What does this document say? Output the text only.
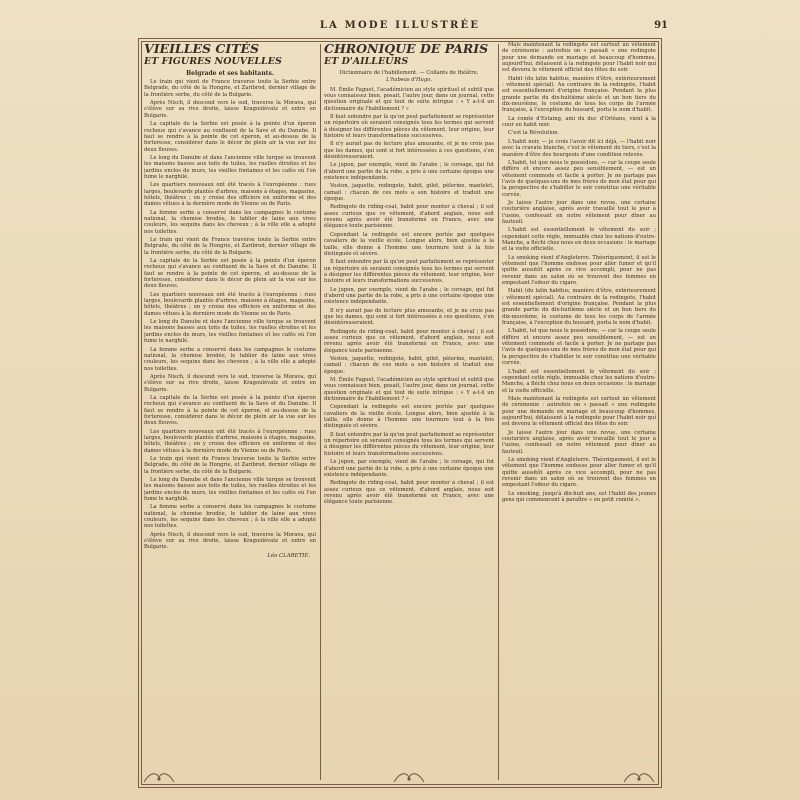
LA MODE ILLUSTRÉE	91
VIEILLES CITÉS
ET FIGURES NOUVELLES
Belgrade et ses habitants.

Le train qui vient de France traverse toute la Serbie entre Belgrade, du côté de la Hongrie, et Zaribrod, dernier village de la frontière serbe, du côté de la Bulgarie.

Après Nisch, il descend vers le sud, traverse la Morava, qui s'élève sur sa rive droite, laisse Kragouïévatz et entre en Bulgarie.

La capitale de la Serbie est posée à la pointe d'un éperon rocheux qui s'avance au confluent de la Save et du Danube. Il faut se rendre à la pointe de cet éperon, et au-dessus de la forteresse, considérer dans le décor de plein air la vue sur les deux fleuves.

Le long du Danube et dans l'ancienne ville turque se trouvent les maisons basses aux toits de tuiles, les ruelles étroites et les jardins enclos de murs, les vieilles fontaines et les cafés où l'on fume le narghilé.

Les quartiers nouveaux ont été tracés à l'européenne : rues larges, boulevards plantés d'arbres, maisons à étages, magasins, hôtels, théâtres ; on y croise des officiers en uniforme et des dames vêtues à la dernière mode de Vienne ou de Paris.

La femme serbe a conservé dans les campagnes le costume national, la chemise brodée, le tablier de laine aux vives couleurs, les sequins dans les cheveux ; à la ville elle a adopté nos toilettes.

Le train qui vient de France traverse toute la Serbie entre Belgrade, du côté de la Hongrie, et Zaribrod, dernier village de la frontière serbe, du côté de la Bulgarie.

La capitale de la Serbie est posée à la pointe d'un éperon rocheux qui s'avance au confluent de la Save et du Danube. Il faut se rendre à la pointe de cet éperon, et au-dessus de la forteresse, considérer dans le décor de plein air la vue sur les deux fleuves.

Les quartiers nouveaux ont été tracés à l'européenne : rues larges, boulevards plantés d'arbres, maisons à étages, magasins, hôtels, théâtres ; on y croise des officiers en uniforme et des dames vêtues à la dernière mode de Vienne ou de Paris.

Le long du Danube et dans l'ancienne ville turque se trouvent les maisons basses aux toits de tuiles, les ruelles étroites et les jardins enclos de murs, les vieilles fontaines et les cafés où l'on fume le narghilé.

La femme serbe a conservé dans les campagnes le costume national, la chemise brodée, le tablier de laine aux vives couleurs, les sequins dans les cheveux ; à la ville elle a adopté nos toilettes.

Après Nisch, il descend vers le sud, traverse la Morava, qui s'élève sur sa rive droite, laisse Kragouïévatz et entre en Bulgarie.

La capitale de la Serbie est posée à la pointe d'un éperon rocheux qui s'avance au confluent de la Save et du Danube. Il faut se rendre à la pointe de cet éperon, et au-dessus de la forteresse, considérer dans le décor de plein air la vue sur les deux fleuves.

Les quartiers nouveaux ont été tracés à l'européenne : rues larges, boulevards plantés d'arbres, maisons à étages, magasins, hôtels, théâtres ; on y croise des officiers en uniforme et des dames vêtues à la dernière mode de Vienne ou de Paris.

Le train qui vient de France traverse toute la Serbie entre Belgrade, du côté de la Hongrie, et Zaribrod, dernier village de la frontière serbe, du côté de la Bulgarie.

Le long du Danube et dans l'ancienne ville turque se trouvent les maisons basses aux toits de tuiles, les ruelles étroites et les jardins enclos de murs, les vieilles fontaines et les cafés où l'on fume le narghilé.

La femme serbe a conservé dans les campagnes le costume national, la chemise brodée, le tablier de laine aux vives couleurs, les sequins dans les cheveux ; à la ville elle a adopté nos toilettes.

Après Nisch, il descend vers le sud, traverse la Morava, qui s'élève sur sa rive droite, laisse Kragouïévatz et entre en Bulgarie.

Léo CLARETIE.
CHRONIQUE DE PARIS
ET D'AILLEURS

Dictionnaire de l'habillement. — Collants de théâtre.

L'habeas d'Hugo.

M. Émile Faguet, l'académicien au style spirituel et subtil que vous connaissez bien, posait, l'autre jour, dans un journal, cette question originale et qui tout de suite intrigue : « Y a-t-il un dictionnaire de l'habillement ? »

Il faut entendre par là qu'on peut parfaitement se représenter un répertoire où seraient consignés tous les termes qui servent à désigner les différentes pièces du vêtement, leur origine, leur histoire et leurs transformations successives.

Il n'y aurait pas de lecture plus amusante, et je ne crois pas que les dames, qui sont si fort intéressées à ces questions, s'en désintéresseraient.

Le jupon, par exemple, vient de l'arabe ; le corsage, qui fut d'abord une partie de la robe, a pris à une certaine époque une existence indépendante.

Veston, jaquette, redingote, habit, gilet, pèlerine, mantelet, camail : chacun de ces mots a son histoire et traduit une époque.

Redingote de riding-coat, habit pour monter à cheval ; il est assez curieux que ce vêtement, d'abord anglais, nous soit revenu après avoir été transformé en France, avec une élégance toute parisienne.

Cependant la redingote est encore portée par quelques cavaliers de la vieille école. Longue alors, bien ajustée à la taille, elle donne à l'homme une tournure tout à la fois distinguée et sévère.

Il faut entendre par là qu'on peut parfaitement se représenter un répertoire où seraient consignés tous les termes qui servent à désigner les différentes pièces du vêtement, leur origine, leur histoire et leurs transformations successives.

Le jupon, par exemple, vient de l'arabe ; le corsage, qui fut d'abord une partie de la robe, a pris à une certaine époque une existence indépendante.

Il n'y aurait pas de lecture plus amusante, et je ne crois pas que les dames, qui sont si fort intéressées à ces questions, s'en désintéresseraient.

Redingote de riding-coat, habit pour monter à cheval ; il est assez curieux que ce vêtement, d'abord anglais, nous soit revenu après avoir été transformé en France, avec une élégance toute parisienne.

Veston, jaquette, redingote, habit, gilet, pèlerine, mantelet, camail : chacun de ces mots a son histoire et traduit une époque.

M. Émile Faguet, l'académicien au style spirituel et subtil que vous connaissez bien, posait, l'autre jour, dans un journal, cette question originale et qui tout de suite intrigue : « Y a-t-il un dictionnaire de l'habillement ? »

Cependant la redingote est encore portée par quelques cavaliers de la vieille école. Longue alors, bien ajustée à la taille, elle donne à l'homme une tournure tout à la fois distinguée et sévère.

Il faut entendre par là qu'on peut parfaitement se représenter un répertoire où seraient consignés tous les termes qui servent à désigner les différentes pièces du vêtement, leur origine, leur histoire et leurs transformations successives.

Le jupon, par exemple, vient de l'arabe ; le corsage, qui fut d'abord une partie de la robe, a pris à une certaine époque une existence indépendante.

Redingote de riding-coat, habit pour monter à cheval ; il est assez curieux que ce vêtement, d'abord anglais, nous soit revenu après avoir été transformé en France, avec une élégance toute parisienne.

Mais maintenant la redingote est surtout un vêtement de cérémonie : autrefois on « passait » une redingote pour une demande en mariage et beaucoup d'hommes, aujourd'hui, délaissent à la redingote pour l'habit noir qui est devenu le vêtement officiel des fêtes du soir.

Habit (du latin habitus, manière d'être, extérieurement : vêtement spécial). Au contraire de la redingote, l'habit est essentiellement d'origine française. Pendant la plus grande partie du dix-huitième siècle et un bon tiers du dix-neuvième, le costume de tous les corps de l'armée française, à l'exception du hussard, porta le nom d'habit.

La comte d'Estaing, ami du duc d'Orléans, vient à la cour en habit noir.

C'est la Révolution.

L'habit noir, — je crois l'avoir dit ici déjà, — l'habit noir avec la cravate blanche, c'est le vêtement du tiers, c'est la manière d'être des bourgeois d'une condition relevée.

L'habit, tel que nous le possédons, — car la coupe seule diffère et encore assez peu sensiblement, — est un vêtement commode et facile à porter. Je ne partage pas l'avis de quelques-uns de mes frères de mon état pour qui la perspective de s'habiller le soir constitue une véritable corvée.

Je laisse l'autre jour dans une revue, une certaine couturière anglaise, après avoir travaillé tout le jour à l'usine, confessait en notre vêtement pour dîner au fauteuil.

L'habit est essentiellement le vêtement du soir ; cependant cette règle, immuable chez les nations d'outre-Manche, a fléchi chez nous en deux occasions : le mariage et la visite officielle.

Le smoking vient d'Angleterre. Théoriquement, il est le vêtement que l'homme endosse pour aller fumer et qu'il quitte aussitôt après ce vice accompli, pour ne pas revenir dans un salon où se trouvent des femmes en empestant l'odeur du cigare.

Habit (du latin habitus, manière d'être, extérieurement : vêtement spécial). Au contraire de la redingote, l'habit est essentiellement d'origine française. Pendant la plus grande partie du dix-huitième siècle et un bon tiers du dix-neuvième, le costume de tous les corps de l'armée française, à l'exception du hussard, porta le nom d'habit.

L'habit, tel que nous le possédons, — car la coupe seule diffère et encore assez peu sensiblement, — est un vêtement commode et facile à porter. Je ne partage pas l'avis de quelques-uns de mes frères de mon état pour qui la perspective de s'habiller le soir constitue une véritable corvée.

L'habit est essentiellement le vêtement du soir ; cependant cette règle, immuable chez les nations d'outre-Manche, a fléchi chez nous en deux occasions : le mariage et la visite officielle.

Mais maintenant la redingote est surtout un vêtement de cérémonie : autrefois on « passait » une redingote pour une demande en mariage et beaucoup d'hommes, aujourd'hui, délaissent à la redingote pour l'habit noir qui est devenu le vêtement officiel des fêtes du soir.

Je laisse l'autre jour dans une revue, une certaine couturière anglaise, après avoir travaillé tout le jour à l'usine, confessait en notre vêtement pour dîner au fauteuil.

Le smoking vient d'Angleterre. Théoriquement, il est le vêtement que l'homme endosse pour aller fumer et qu'il quitte aussitôt après ce vice accompli, pour ne pas revenir dans un salon où se trouvent des femmes en empestant l'odeur du cigare.

Le smoking, jusqu'à dix-huit ans, est l'habit des jeunes gens qui commencent à paraître « en petit comité ».
